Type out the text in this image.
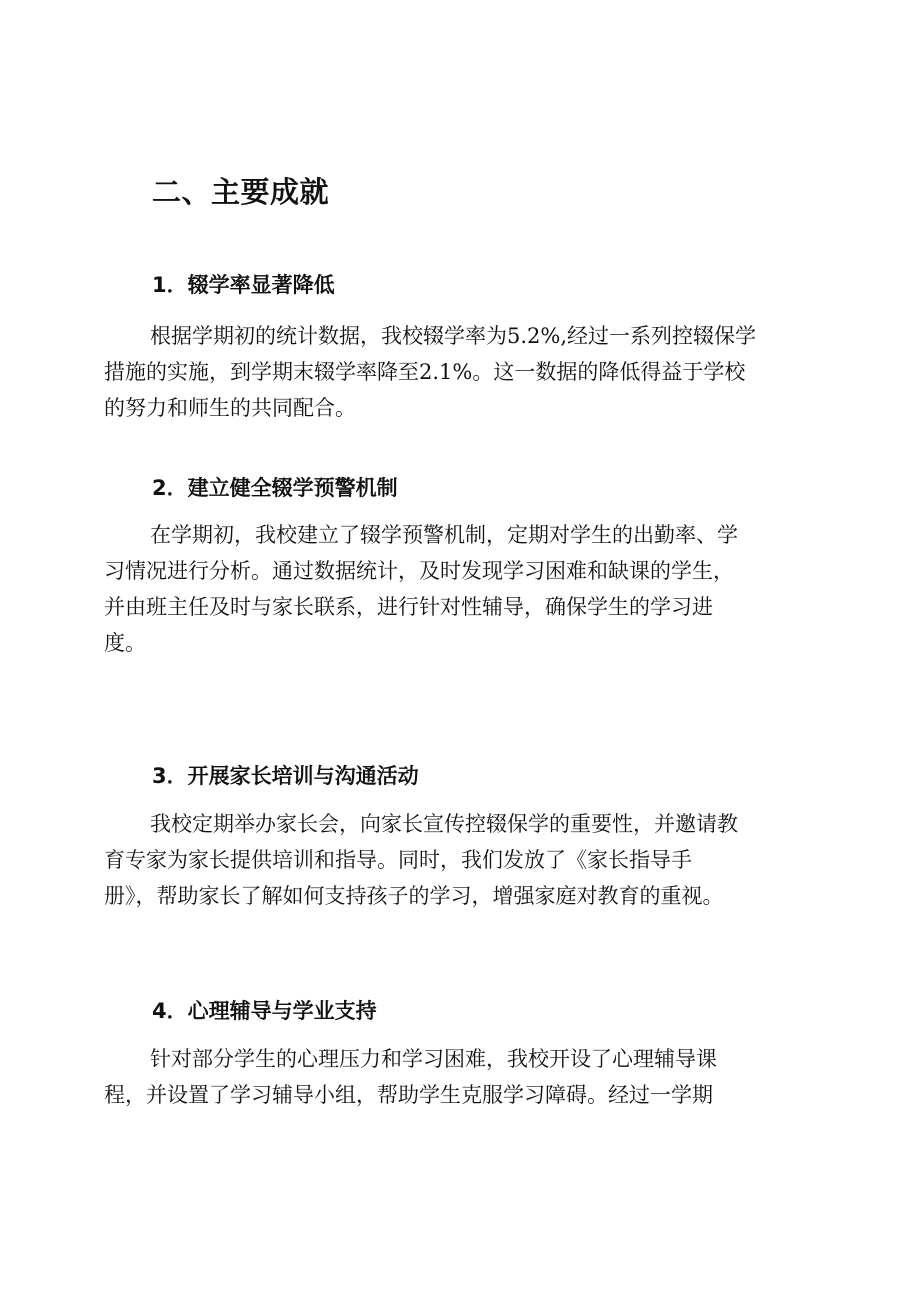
二、主要成就
1．辍学率显著降低
根据学期初的统计数据，我校辍学率为5.2%,经过一系列控辍保学
措施的实施，到学期末辍学率降至2.1%。这一数据的降低得益于学校
的努力和师生的共同配合。
2．建立健全辍学预警机制
在学期初，我校建立了辍学预警机制，定期对学生的出勤率、学
习情况进行分析。通过数据统计，及时发现学习困难和缺课的学生，
并由班主任及时与家长联系，进行针对性辅导，确保学生的学习进
度。
3．开展家长培训与沟通活动
我校定期举办家长会，向家长宣传控辍保学的重要性，并邀请教
育专家为家长提供培训和指导。同时，我们发放了《家长指导手
册》，帮助家长了解如何支持孩子的学习，增强家庭对教育的重视。
4．心理辅导与学业支持
针对部分学生的心理压力和学习困难，我校开设了心理辅导课
程，并设置了学习辅导小组，帮助学生克服学习障碍。经过一学期
